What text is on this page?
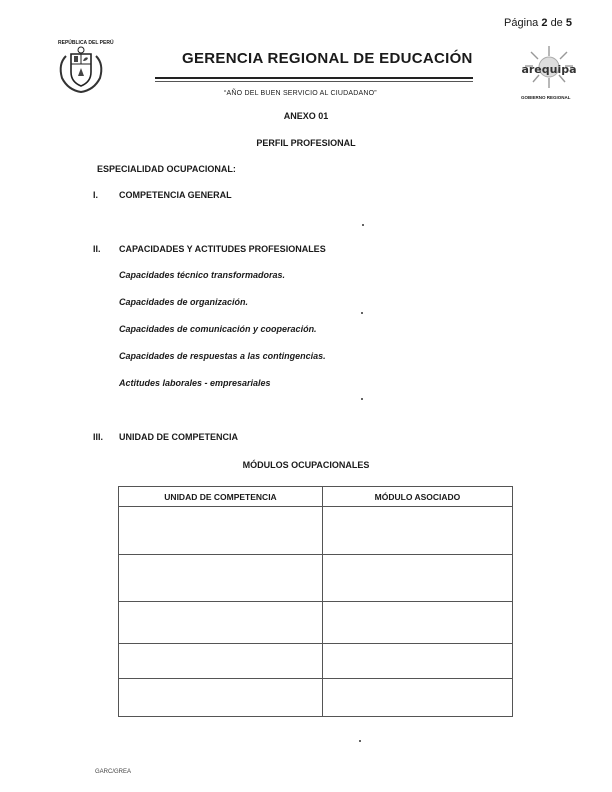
Página 2 de 5
REPÚBLICA DEL PERÚ
GERENCIA REGIONAL DE EDUCACIÓN
“AÑO DEL BUEN SERVICIO AL CIUDADANO”
arequipa
GOBIERNO REGIONAL
ANEXO 01
PERFIL PROFESIONAL
ESPECIALIDAD OCUPACIONAL:
I. COMPETENCIA GENERAL
II. CAPACIDADES Y ACTITUDES PROFESIONALES
Capacidades técnico transformadoras.
Capacidades de organización.
Capacidades de comunicación y cooperación.
Capacidades de respuestas a las contingencias.
Actitudes laborales - empresariales
III. UNIDAD DE COMPETENCIA
MÓDULOS OCUPACIONALES
UNIDAD DE COMPETENCIA	MÓDULO ASOCIADO
GARC/GREA
